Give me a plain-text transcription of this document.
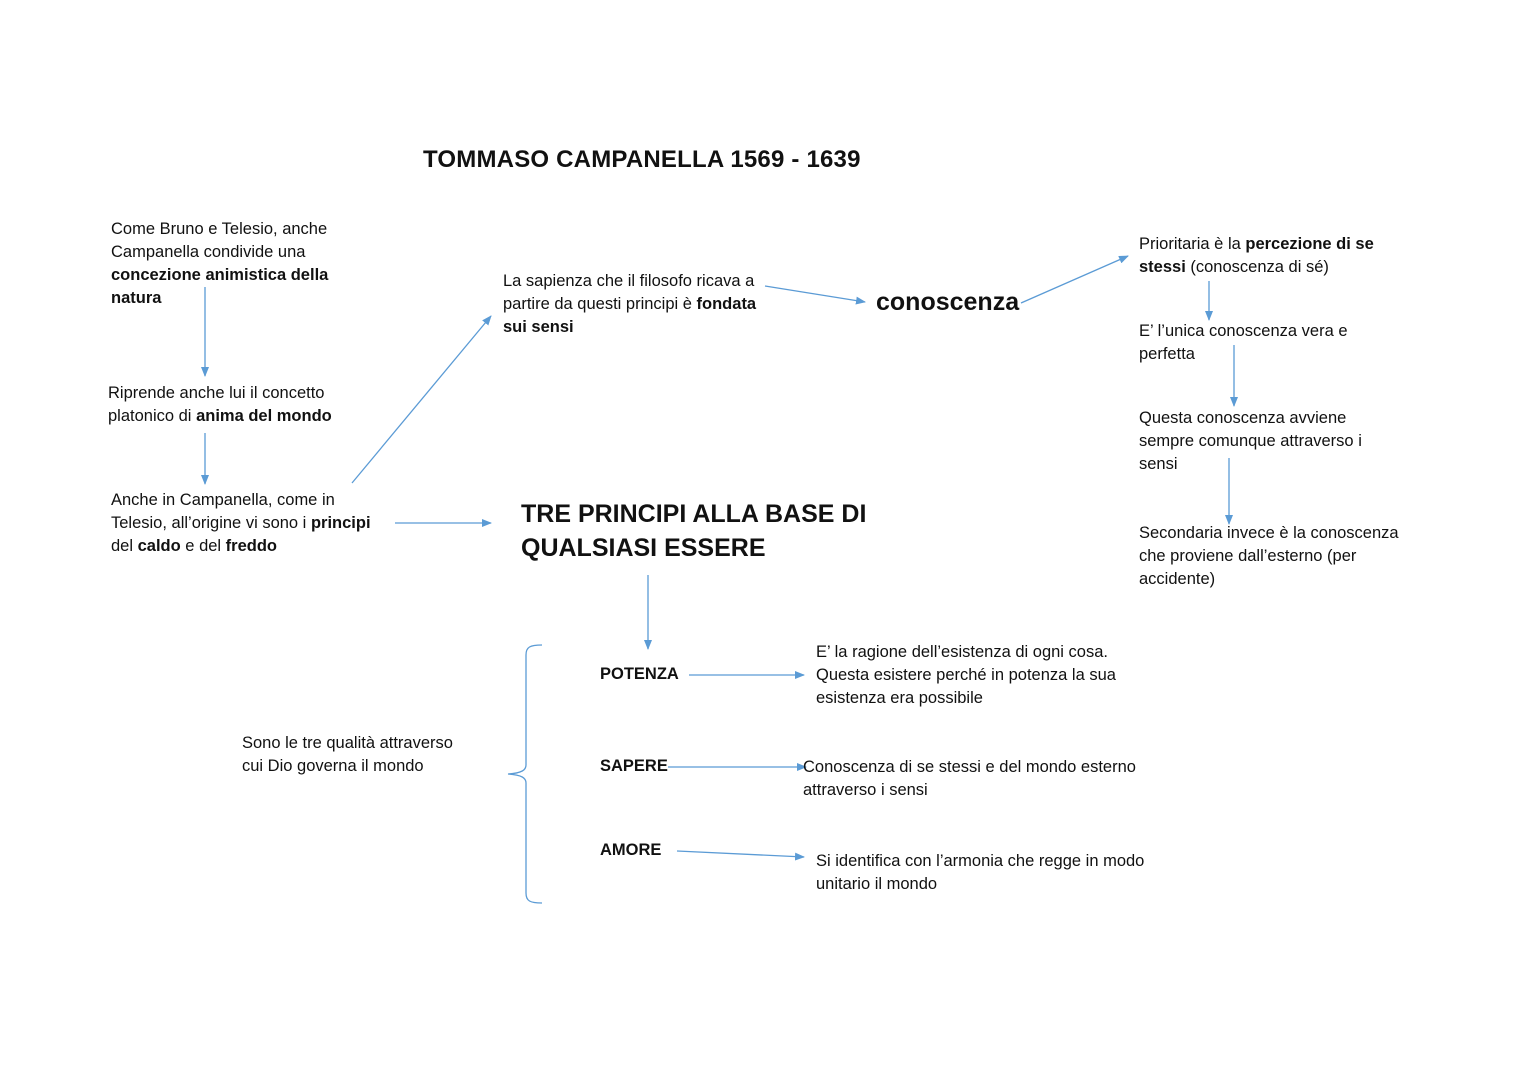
TOMMASO CAMPANELLA 1569 - 1639
Come Bruno e Telesio, anche Campanella condivide una concezione animistica della natura
Riprende anche lui il concetto platonico di anima del mondo
Anche in Campanella, come in Telesio, all’origine vi sono i principi del caldo e del freddo
La sapienza che il filosofo ricava a partire da questi principi è fondata sui sensi
conoscenza
TRE PRINCIPI ALLA BASE DI
QUALSIASI ESSERE
Prioritaria è la percezione di se stessi (conoscenza di sé)
E’ l’unica conoscenza vera e perfetta
Questa conoscenza avviene sempre comunque attraverso i sensi
Secondaria invece è la conoscenza che proviene dall’esterno (per accidente)
Sono le tre qualità attraverso cui Dio governa il mondo
POTENZA
E’ la ragione dell’esistenza di ogni cosa. Questa esistere perché in potenza la sua esistenza era possibile
SAPERE	Conoscenza di se stessi e del mondo esterno attraverso i sensi
AMORE
Si identifica con l’armonia che regge in modo unitario il mondo
